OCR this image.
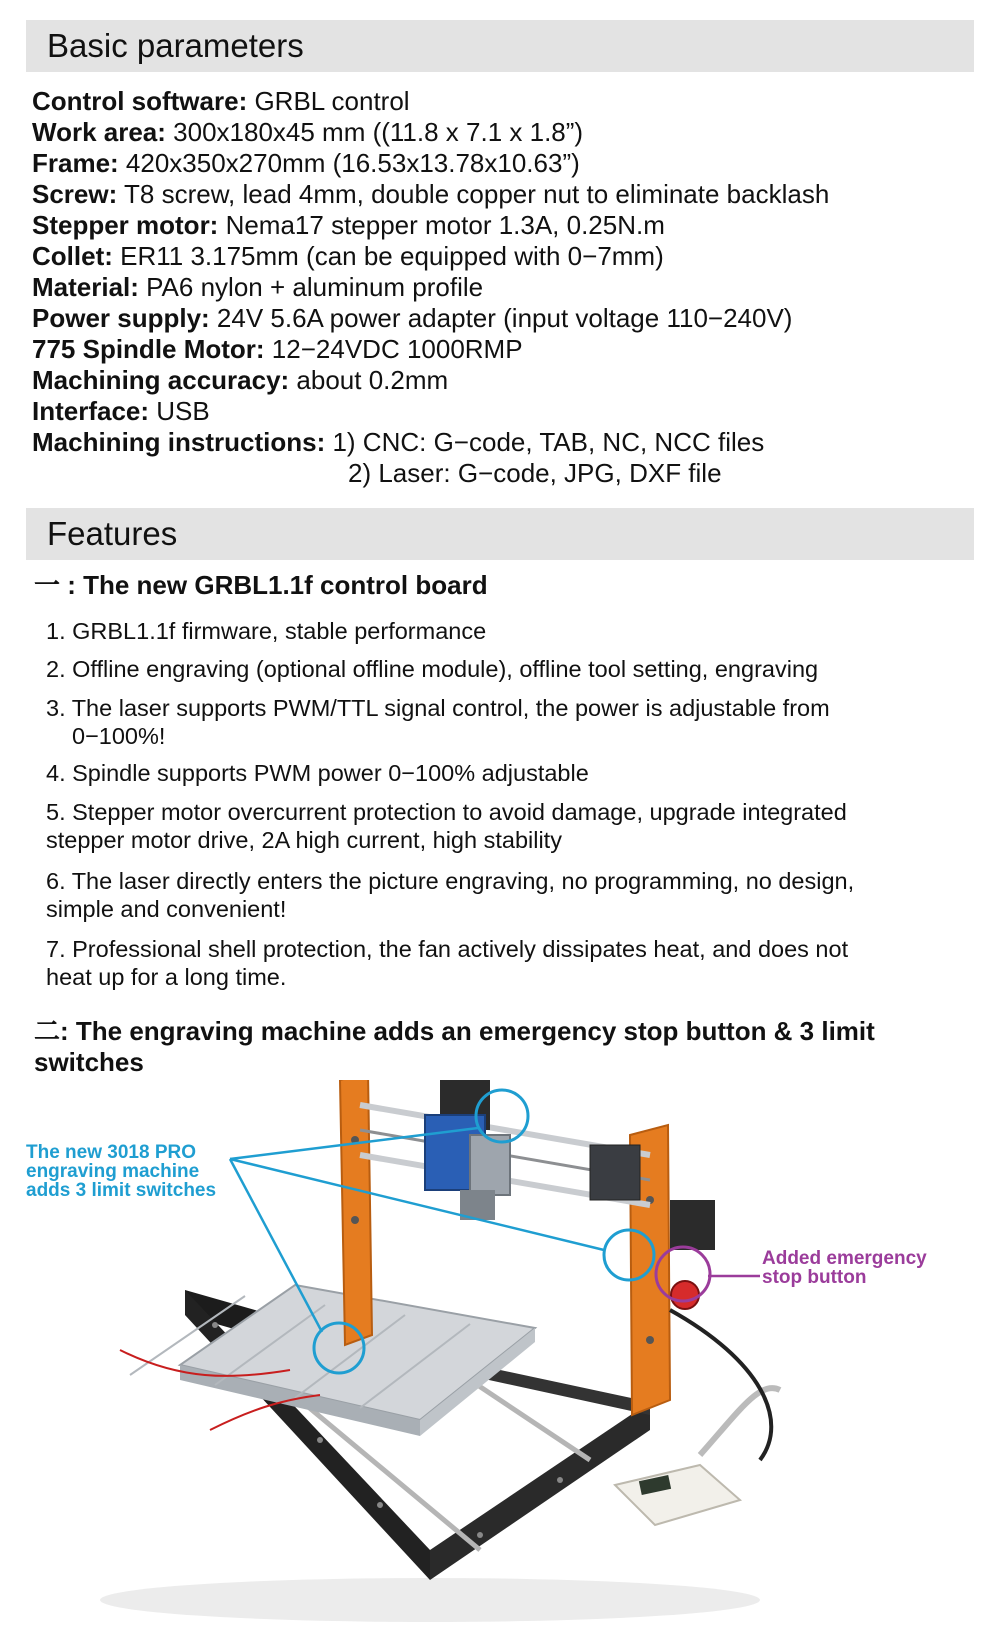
Basic parameters
Control software: GRBL control
Work area: 300x180x45 mm ((11.8 x 7.1 x 1.8”)
Frame: 420x350x270mm (16.53x13.78x10.63”)
Screw: T8 screw, lead 4mm, double copper nut to eliminate backlash
Stepper motor: Nema17 stepper motor 1.3A, 0.25N.m
Collet: ER11 3.175mm (can be equipped with 0−7mm)
Material: PA6 nylon + aluminum profile
Power supply: 24V 5.6A power adapter (input voltage 110−240V)
775 Spindle Motor: 12−24VDC 1000RMP
Machining accuracy: about 0.2mm
Interface: USB
Machining instructions: 1) CNC: G−code, TAB, NC, NCC files
2) Laser: G−code, JPG, DXF file
Features
一 : The new GRBL1.1f control board
1. GRBL1.1f firmware, stable performance
2. Offline engraving (optional offline module), offline tool setting, engraving
3. The laser supports PWM/TTL signal control, the power is adjustable from
0−100%!
4. Spindle supports PWM power 0−100% adjustable
5. Stepper motor overcurrent protection to avoid damage, upgrade integrated
stepper motor drive, 2A high current, high stability
6. The laser directly enters the picture engraving, no programming, no design,
simple and convenient!
7. Professional shell protection, the fan actively dissipates heat, and does not
heat up for a long time.
二: The engraving machine adds an emergency stop button & 3 limit
switches
The new 3018 PRO
engraving machine
adds 3 limit switches
Added emergency
stop button
